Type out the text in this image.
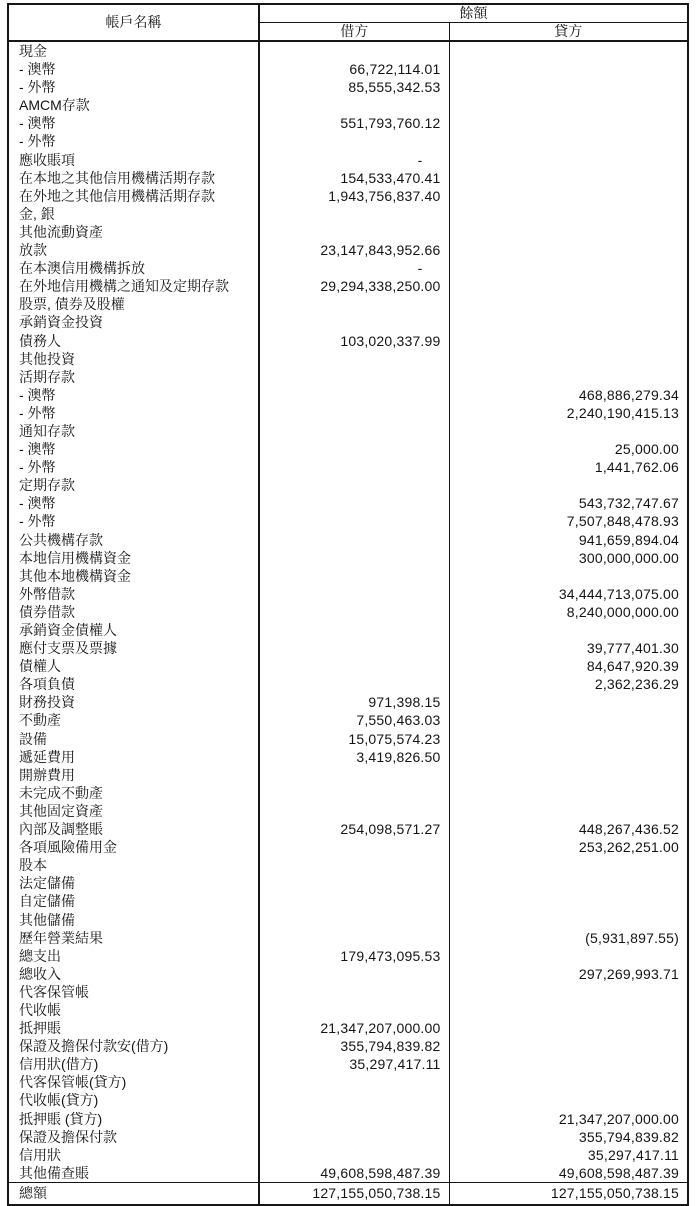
帳戶名稱	餘額	
	借方	貸方
現金		
- 澳幣	66,722,114.01	
- 外幣	85,555,342.53	
AMCM存款		
- 澳幣	551,793,760.12	
- 外幣		
應收賬項	-	
在本地之其他信用機構活期存款	154,533,470.41	
在外地之其他信用機構活期存款	1,943,756,837.40	
金, 銀		
其他流動資產		
放款	23,147,843,952.66	
在本澳信用機構拆放	-	
在外地信用機構之通知及定期存款	29,294,338,250.00	
股票, 債券及股權		
承銷資金投資		
債務人	103,020,337.99	
其他投資		
活期存款		
- 澳幣		468,886,279.34
- 外幣		2,240,190,415.13
通知存款		
- 澳幣		25,000.00
- 外幣		1,441,762.06
定期存款		
- 澳幣		543,732,747.67
- 外幣		7,507,848,478.93
公共機構存款		941,659,894.04
本地信用機構資金		300,000,000.00
其他本地機構資金		
外幣借款		34,444,713,075.00
債券借款		8,240,000,000.00
承銷資金債權人		
應付支票及票據		39,777,401.30
債權人		84,647,920.39
各項負債		2,362,236.29
財務投資	971,398.15	
不動產	7,550,463.03	
設備	15,075,574.23	
遞延費用	3,419,826.50	
開辦費用		
未完成不動產		
其他固定資產		
內部及調整賬	254,098,571.27	448,267,436.52
各項風險備用金		253,262,251.00
股本		
法定儲備		
自定儲備		
其他儲備		
歷年營業結果		(5,931,897.55)
總支出	179,473,095.53	
總收入		297,269,993.71
代客保管帳		
代收帳		
抵押賬	21,347,207,000.00	
保證及擔保付款安(借方)	355,794,839.82	
信用狀(借方)	35,297,417.11	
代客保管帳(貸方)		
代收帳(貸方)		
抵押賬 (貸方)		21,347,207,000.00
保證及擔保付款		355,794,839.82
信用狀		35,297,417.11
其他備查賬	49,608,598,487.39	49,608,598,487.39
總額	127,155,050,738.15	127,155,050,738.15
